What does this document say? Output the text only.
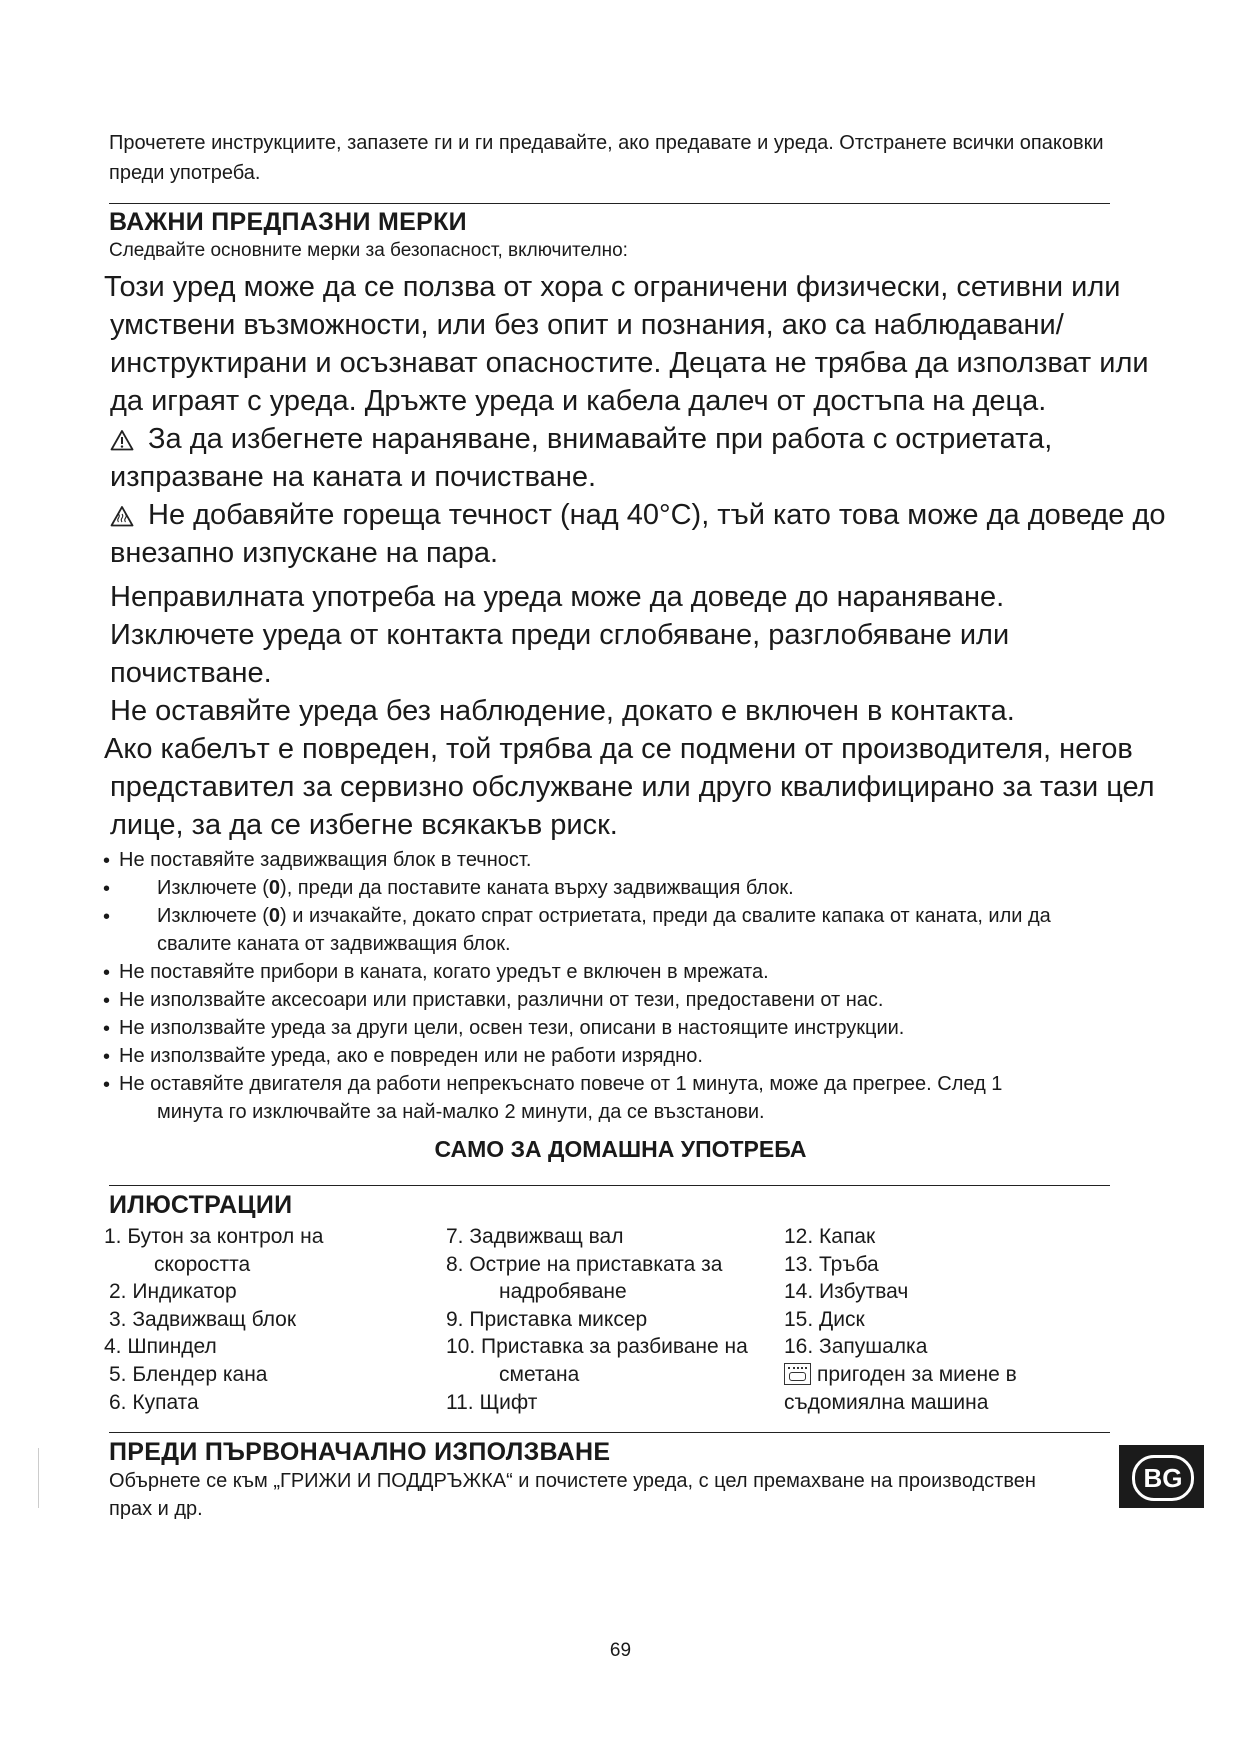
Прочетете инструкциите, запазете ги и ги предавайте, ако предавате и уреда. Отстранете всички опаковки преди употреба.
ВАЖНИ ПРЕДПАЗНИ МЕРКИ
Следвайте основните мерки за безопасност, включително:
Този уред може да се ползва от хора с ограничени физически, сетивни или
умствени възможности, или без опит и познания, ако са наблюдавани/
инструктирани и осъзнават опасностите. Децата не трябва да използват или
да играят с уреда. Дръжте уреда и кабела далеч от достъпа на деца.
За да избегнете нараняване, внимавайте при работа с остриетата,
изпразване на каната и почистване.
Не добавяйте гореща течност (над 40°C), тъй като това може да доведе до
внезапно изпускане на пара.
Неправилната употреба на уреда може да доведе до нараняване.
Изключете уреда от контакта преди сглобяване, разглобяване или
почистване.
Не оставяйте уреда без наблюдение, докато е включен в контакта.
Ако кабелът е повреден, той трябва да се подмени от производителя, негов
представител за сервизно обслужване или друго квалифицирано за тази цел
лице, за да се избегне всякакъв риск.
• Не поставяйте задвижващия блок в течност.
• Изключете (0), преди да поставите каната върху задвижващия блок.
• Изключете (0) и изчакайте, докато спрат остриетата, преди да свалите капака от каната, или да
свалите каната от задвижващия блок.
• Не поставяйте прибори в каната, когато уредът е включен в мрежата.
• Не използвайте аксесоари или приставки, различни от тези, предоставени от нас.
• Не използвайте уреда за други цели, освен тези, описани в настоящите инструкции.
• Не използвайте уреда, ако е повреден или не работи изрядно.
• Не оставяйте двигателя да работи непрекъснато повече от 1 минута, може да прегрее. След 1
минута го изключвайте за най-малко 2 минути, да се възстанови.
САМО ЗА ДОМАШНА УПОТРЕБА
ИЛЮСТРАЦИИ
1. Бутон за контрол на
скоростта
2. Индикатор
3. Задвижващ блок
4. Шпиндел
5. Блендер кана
6. Купата
7. Задвижващ вал
8. Острие на приставката за
надробяване
9. Приставка миксер
10. Приставка за разбиване на
сметана
11. Щифт
12. Капак
13. Тръба
14. Избутвач
15. Диск
16. Запушалка
пригоден за миене в
съдомиялна машина
ПРЕДИ ПЪРВОНАЧАЛНО ИЗПОЛЗВАНЕ
Обърнете се към „ГРИЖИ И ПОДДРЪЖКА“ и почистете уреда, с цел премахване на производствен
прах и др.
BG
69
